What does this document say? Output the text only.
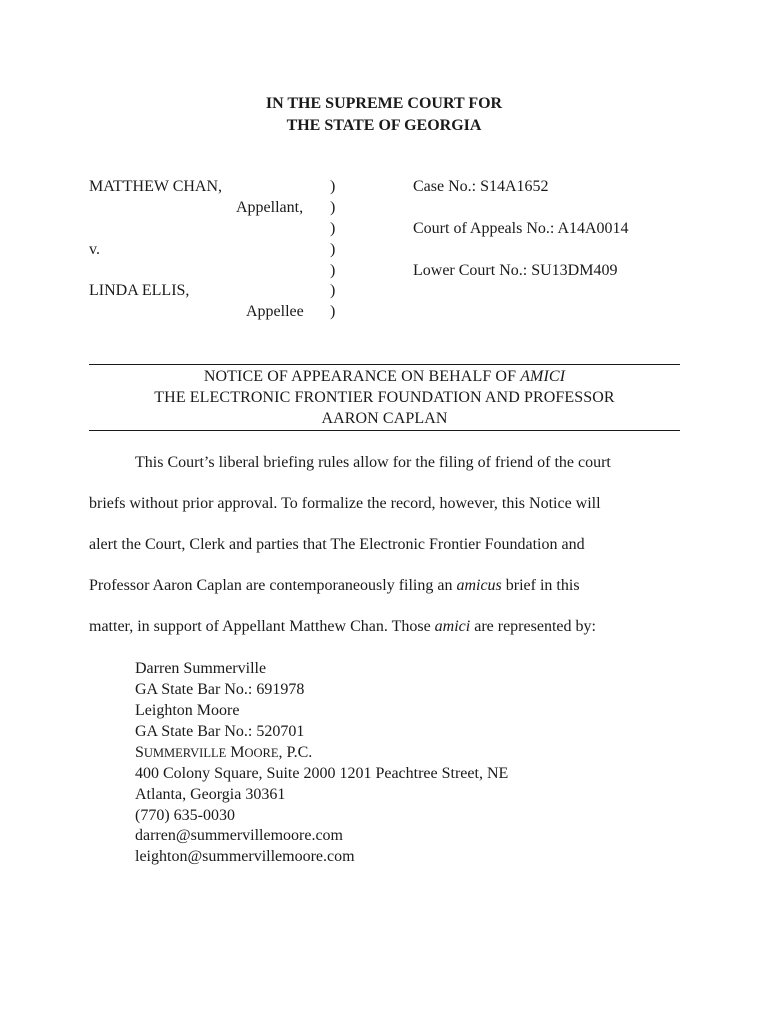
IN THE SUPREME COURT FOR
THE STATE OF GEORGIA
MATTHEW CHAN,
Appellant,
v.
LINDA ELLIS,
Appellee
)
)
)
)
)
)
)
Case No.: S14A1652
Court of Appeals No.: A14A0014
Lower Court No.: SU13DM409
NOTICE OF APPEARANCE ON BEHALF OF AMICI
THE ELECTRONIC FRONTIER FOUNDATION AND PROFESSOR
AARON CAPLAN
This Court’s liberal briefing rules allow for the filing of friend of the court
briefs without prior approval. To formalize the record, however, this Notice will
alert the Court, Clerk and parties that The Electronic Frontier Foundation and
Professor Aaron Caplan are contemporaneously filing an amicus brief in this
matter, in support of Appellant Matthew Chan. Those amici are represented by:
Darren Summerville
GA State Bar No.: 691978
Leighton Moore
GA State Bar No.: 520701
SUMMERVILLE MOORE, P.C.
400 Colony Square, Suite 2000 1201 Peachtree Street, NE
Atlanta, Georgia 30361
(770) 635-0030
darren@summervillemoore.com
leighton@summervillemoore.com
